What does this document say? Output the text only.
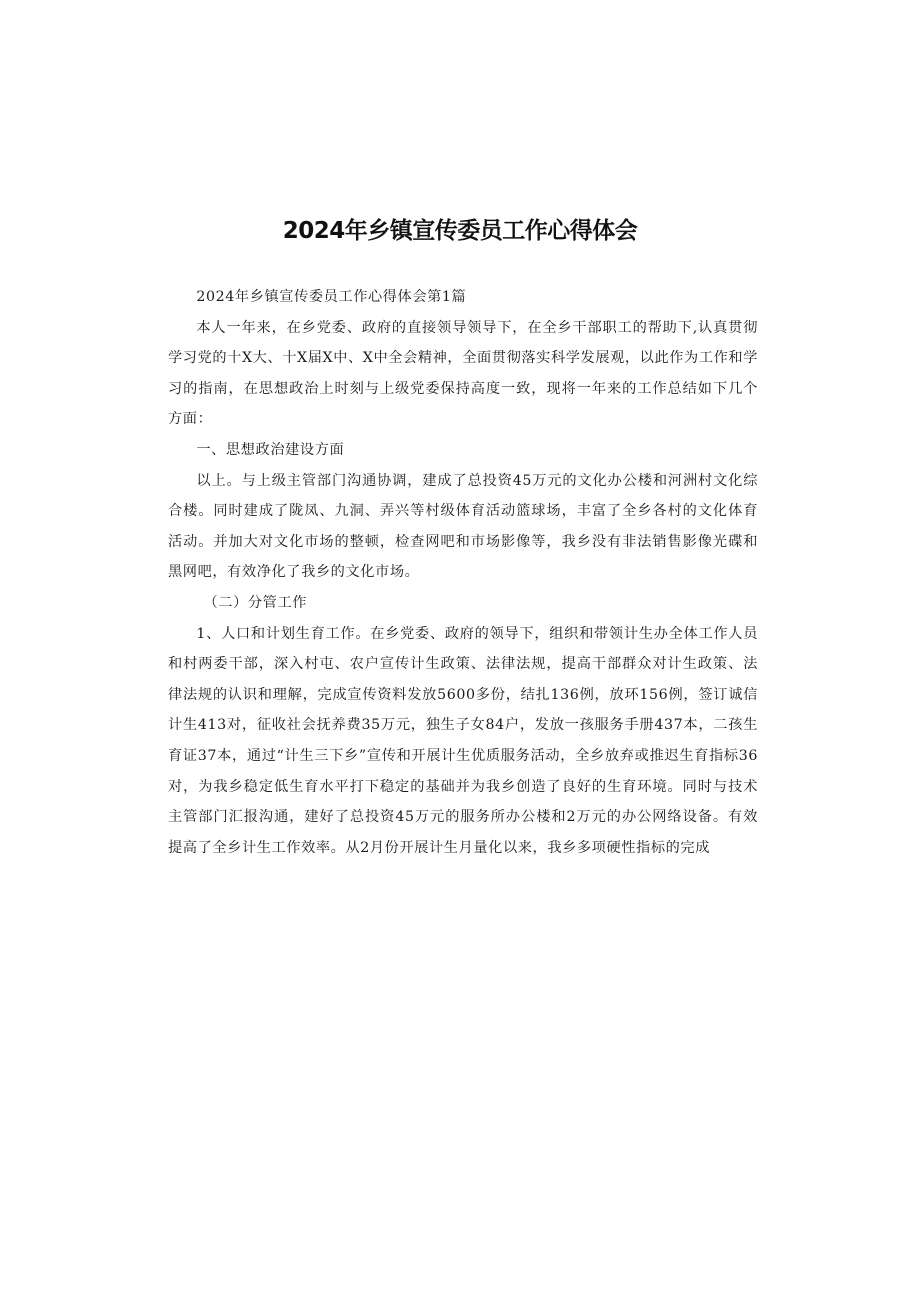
2024年乡镇宣传委员工作心得体会

2024年乡镇宣传委员工作心得体会第1篇

本人一年来，在乡党委、政府的直接领导领导下，在全乡干部职工的帮助下,认真贯彻学习党的十X大、十X届X中、X中全会精神，全面贯彻落实科学发展观，以此作为工作和学习的指南，在思想政治上时刻与上级党委保持高度一致，现将一年来的工作总结如下几个方面：

一、思想政治建设方面

以上。与上级主管部门沟通协调，建成了总投资45万元的文化办公楼和河洲村文化综合楼。同时建成了陇凤、九洞、弄兴等村级体育活动篮球场，丰富了全乡各村的文化体育活动。并加大对文化市场的整顿，检查网吧和市场影像等，我乡没有非法销售影像光碟和黑网吧，有效净化了我乡的文化市场。

（二）分管工作

1、人口和计划生育工作。在乡党委、政府的领导下，组织和带领计生办全体工作人员和村两委干部，深入村屯、农户宣传计生政策、法律法规，提高干部群众对计生政策、法律法规的认识和理解，完成宣传资料发放5600多份，结扎136例，放环156例，签订诚信计生413对，征收社会抚养费35万元，独生子女84户，发放一孩服务手册437本，二孩生育证37本，通过“计生三下乡”宣传和开展计生优质服务活动，全乡放弃或推迟生育指标36对，为我乡稳定低生育水平打下稳定的基础并为我乡创造了良好的生育环境。同时与技术主管部门汇报沟通，建好了总投资45万元的服务所办公楼和2万元的办公网络设备。有效提高了全乡计生工作效率。从2月份开展计生月量化以来，我乡多项硬性指标的完成
